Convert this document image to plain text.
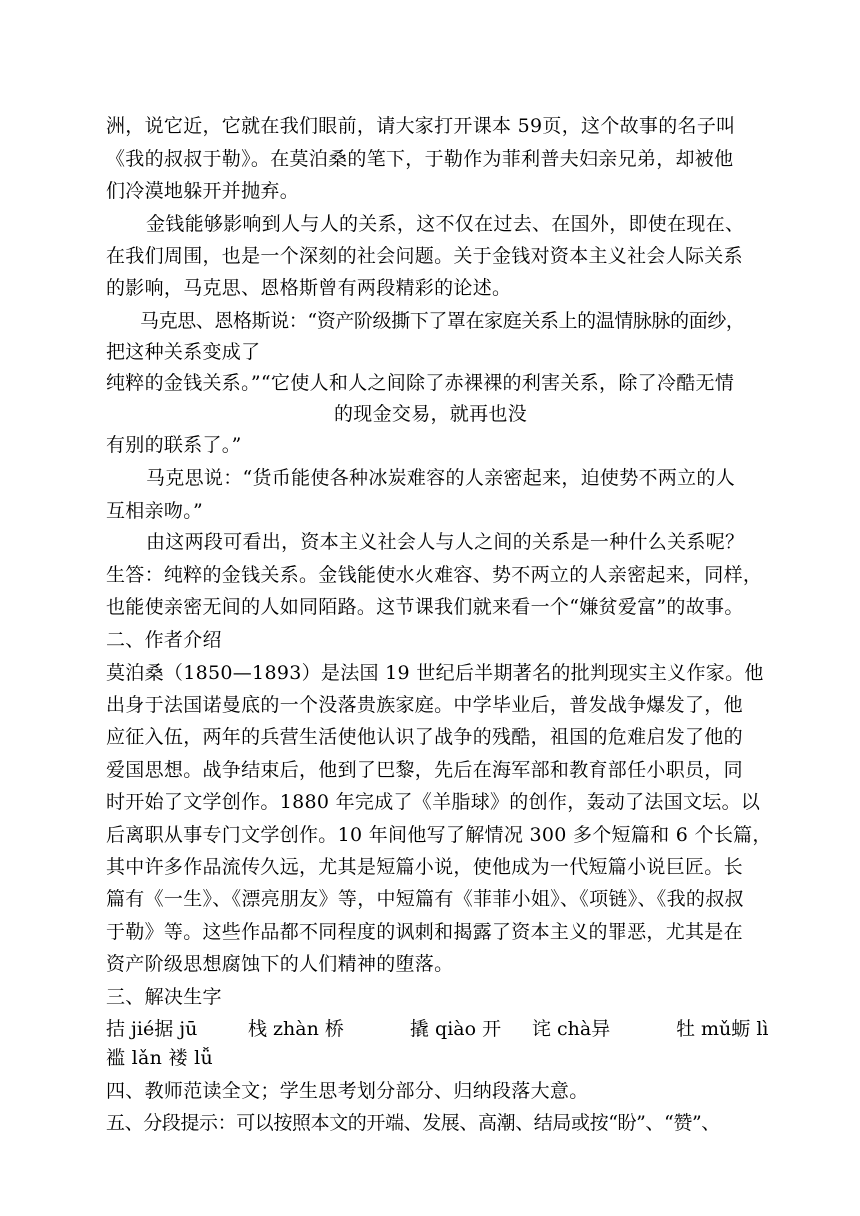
洲，说它近，它就在我们眼前，请大家打开课本 59页，这个故事的名子叫
《我的叔叔于勒》。在莫泊桑的笔下，于勒作为菲利普夫妇亲兄弟，却被他
们冷漠地躲开并抛弃。
金钱能够影响到人与人的关系，这不仅在过去、在国外，即使在现在、
在我们周围，也是一个深刻的社会问题。关于金钱对资本主义社会人际关系
的影响，马克思、恩格斯曾有两段精彩的论述。
马克思、恩格斯说：“资产阶级撕下了罩在家庭关系上的温情脉脉的面纱，
把这种关系变成了
纯粹的金钱关系。”“它使人和人之间除了赤裸裸的利害关系，除了冷酷无情
的现金交易，就再也没
有别的联系了。”
马克思说：“货币能使各种冰炭难容的人亲密起来，迫使势不两立的人
互相亲吻。”
由这两段可看出，资本主义社会人与人之间的关系是一种什么关系呢？
生答：纯粹的金钱关系。金钱能使水火难容、势不两立的人亲密起来，同样，
也能使亲密无间的人如同陌路。这节课我们就来看一个“嫌贫爱富”的故事。
二、作者介绍
莫泊桑（1850—1893）是法国 19 世纪后半期著名的批判现实主义作家。他
出身于法国诺曼底的一个没落贵族家庭。中学毕业后，普发战争爆发了，他
应征入伍，两年的兵营生活使他认识了战争的残酷，祖国的危难启发了他的
爱国思想。战争结束后，他到了巴黎，先后在海军部和教育部任小职员，同
时开始了文学创作。1880 年完成了《羊脂球》的创作，轰动了法国文坛。以
后离职从事专门文学创作。10 年间他写了解情况 300 多个短篇和 6 个长篇，
其中许多作品流传久远，尤其是短篇小说，使他成为一代短篇小说巨匠。长
篇有《一生》、《漂亮朋友》等，中短篇有《菲菲小姐》、《项链》、《我的叔叔
于勒》等。这些作品都不同程度的讽刺和揭露了资本主义的罪恶，尤其是在
资产阶级思想腐蚀下的人们精神的堕落。
三、解决生字
拮 jié据 jū	栈 zhàn 桥	撬 qiào 开 诧 chà异	牡 mǔ蛎 lì
褴 lǎn 褛 lǚ
四、教师范读全文；学生思考划分部分、归纳段落大意。
五、分段提示：可以按照本文的开端、发展、高潮、结局或按“盼”、“赞”、
